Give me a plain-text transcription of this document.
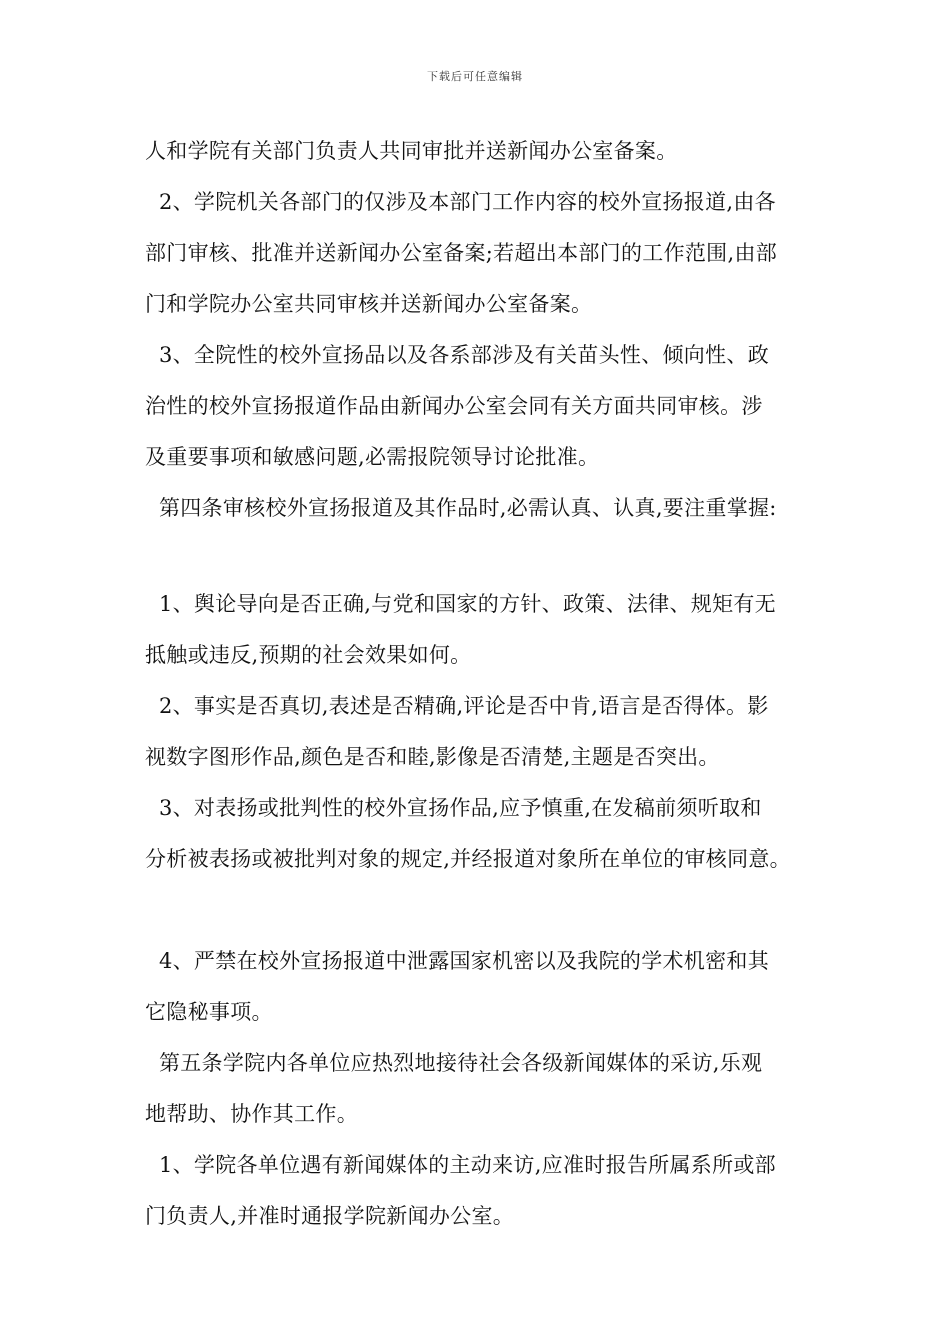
下载后可任意编辑
人和学院有关部门负责人共同审批并送新闻办公室备案。
2、学院机关各部门的仅涉及本部门工作内容的校外宣扬报道,由各
部门审核、批准并送新闻办公室备案;若超出本部门的工作范围,由部
门和学院办公室共同审核并送新闻办公室备案。
3、全院性的校外宣扬品以及各系部涉及有关苗头性、倾向性、政
治性的校外宣扬报道作品由新闻办公室会同有关方面共同审核。涉
及重要事项和敏感问题,必需报院领导讨论批准。
第四条审核校外宣扬报道及其作品时,必需认真、认真,要注重掌握:
1、舆论导向是否正确,与党和国家的方针、政策、法律、规矩有无
抵触或违反,预期的社会效果如何。
2、事实是否真切,表述是否精确,评论是否中肯,语言是否得体。影
视数字图形作品,颜色是否和睦,影像是否清楚,主题是否突出。
3、对表扬或批判性的校外宣扬作品,应予慎重,在发稿前须听取和
分析被表扬或被批判对象的规定,并经报道对象所在单位的审核同意。
4、严禁在校外宣扬报道中泄露国家机密以及我院的学术机密和其
它隐秘事项。
第五条学院内各单位应热烈地接待社会各级新闻媒体的采访,乐观
地帮助、协作其工作。
1、学院各单位遇有新闻媒体的主动来访,应准时报告所属系所或部
门负责人,并准时通报学院新闻办公室。
